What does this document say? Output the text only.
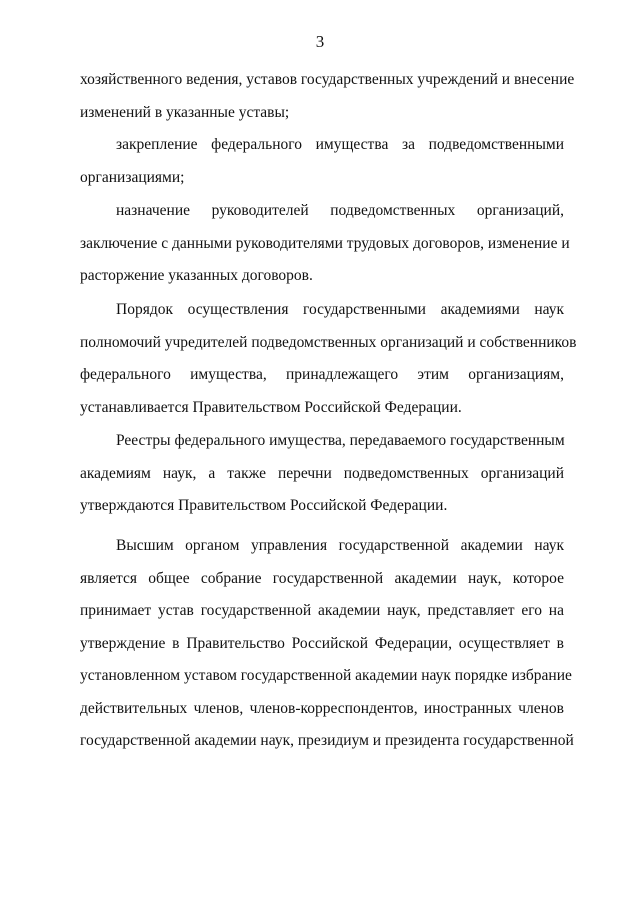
3
хозяйственного ведения, уставов государственных учреждений и внесение
изменений в указанные уставы;
закрепление федерального имущества за подведомственными
организациями;
назначение руководителей подведомственных организаций,
заключение с данными руководителями трудовых договоров, изменение и
расторжение указанных договоров.
Порядок осуществления государственными академиями наук
полномочий учредителей подведомственных организаций и собственников
федерального имущества, принадлежащего этим организациям,
устанавливается Правительством Российской Федерации.
Реестры федерального имущества, передаваемого государственным
академиям наук, а также перечни подведомственных организаций
утверждаются Правительством Российской Федерации.
Высшим органом управления государственной академии наук
является общее собрание государственной академии наук, которое
принимает устав государственной академии наук, представляет его на
утверждение в Правительство Российской Федерации, осуществляет в
установленном уставом государственной академии наук порядке избрание
действительных членов, членов-корреспондентов, иностранных членов
государственной академии наук, президиум и президента государственной
